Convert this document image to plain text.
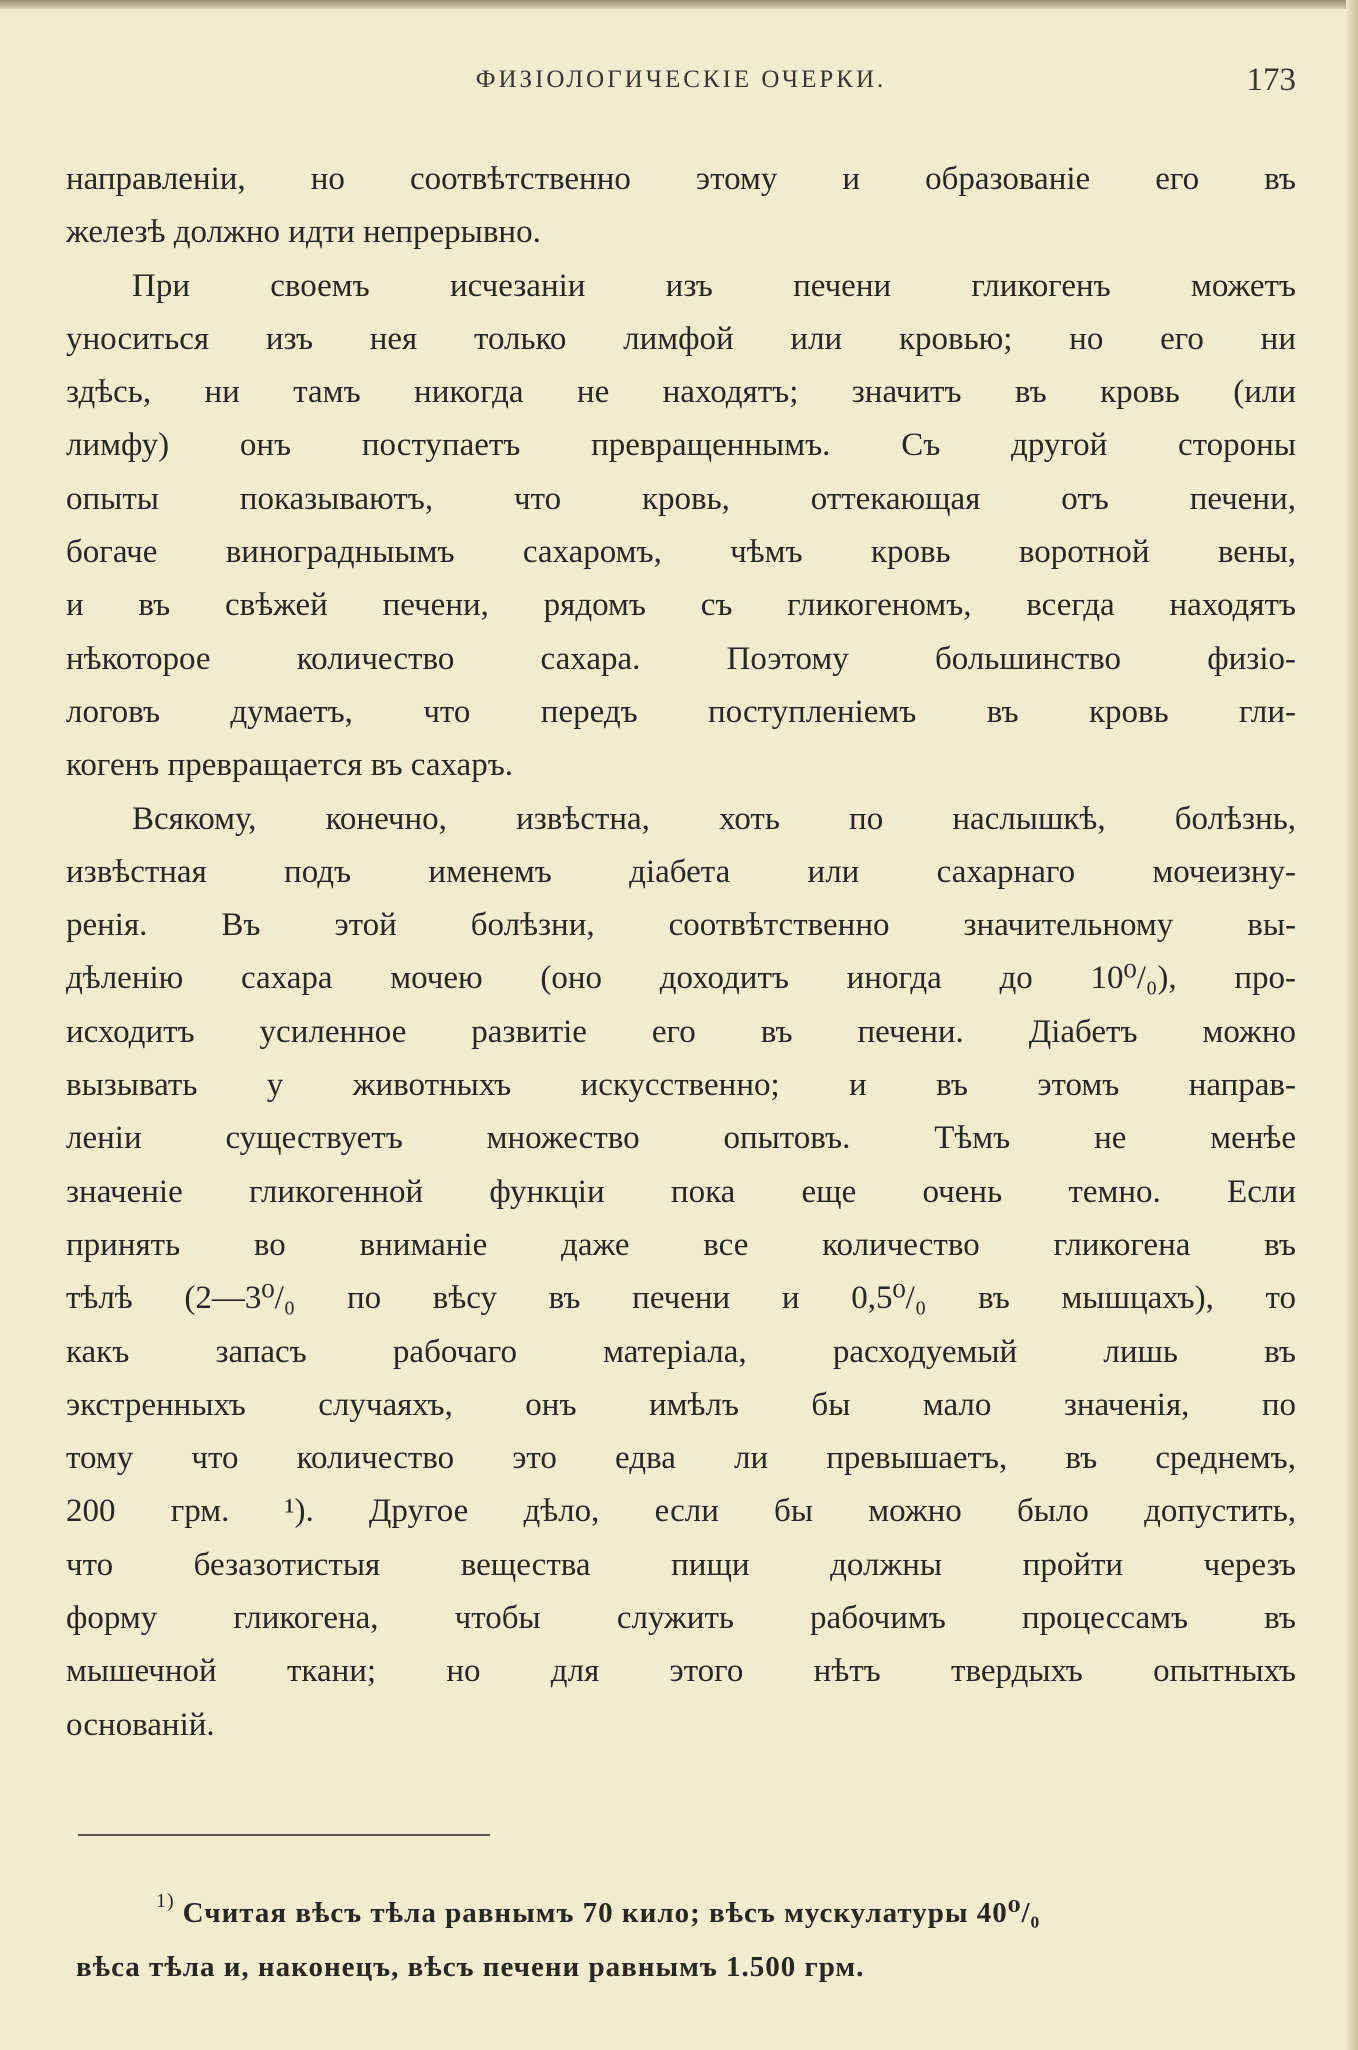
ФИЗIОЛОГИЧЕСКIЕ ОЧЕРКИ.	173
направленiи, но соотвѣтственно этому и образованiе его въ
железѣ должно идти непрерывно.
При своемъ исчезанiи изъ печени гликогенъ можетъ
уноситься изъ нея только лимфой или кровью; но его ни
здѣсь, ни тамъ никогда не находятъ; значитъ въ кровь (или
лимфу) онъ поступаетъ превращеннымъ. Съ другой стороны
опыты показываютъ, что кровь, оттекающая отъ печени,
богаче виноградныымъ сахаромъ, чѣмъ кровь воротной вены,
и въ свѣжей печени, рядомъ съ гликогеномъ, всегда находятъ
нѣкоторое количество сахара. Поэтому большинство физiо-
логовъ думаетъ, что передъ поступленiемъ въ кровь гли-
когенъ превращается въ сахаръ.
Всякому, конечно, извѣстна, хоть по наслышкѣ, болѣзнь,
извѣстная подъ именемъ дiабета или сахарнаго мочеизну-
ренiя. Въ этой болѣзни, соотвѣтственно значительному вы-
дѣленiю сахара мочею (оно доходитъ иногда до 10⁰/₀), про-
исходитъ усиленное развитiе его въ печени. Дiабетъ можно
вызывать у животныхъ искусственно; и въ этомъ направ-
ленiи существуетъ множество опытовъ. Тѣмъ не менѣе
значенiе гликогенной функцiи пока еще очень темно. Если
принять во вниманiе даже все количество гликогена въ
тѣлѣ (2—3⁰/₀ по вѣсу въ печени и 0,5⁰/₀ въ мышцахъ), то
какъ запасъ рабочаго матерiала, расходуемый лишь въ
экстренныхъ случаяхъ, онъ имѣлъ бы мало значенiя, по
тому что количество это едва ли превышаетъ, въ среднемъ,
200 грм. ¹). Другое дѣло, если бы можно было допустить,
что безазотистыя вещества пищи должны пройти черезъ
форму гликогена, чтобы служить рабочимъ процессамъ въ
мышечной ткани; но для этого нѣтъ твердыхъ опытныхъ
основанiй.
$^{1)}$ Считая вѣсъ тѣла равнымъ 70 кило; вѣсъ мускулатуры 40⁰/₀
вѣса тѣла и, наконецъ, вѣсъ печени равнымъ 1.500 грм.
